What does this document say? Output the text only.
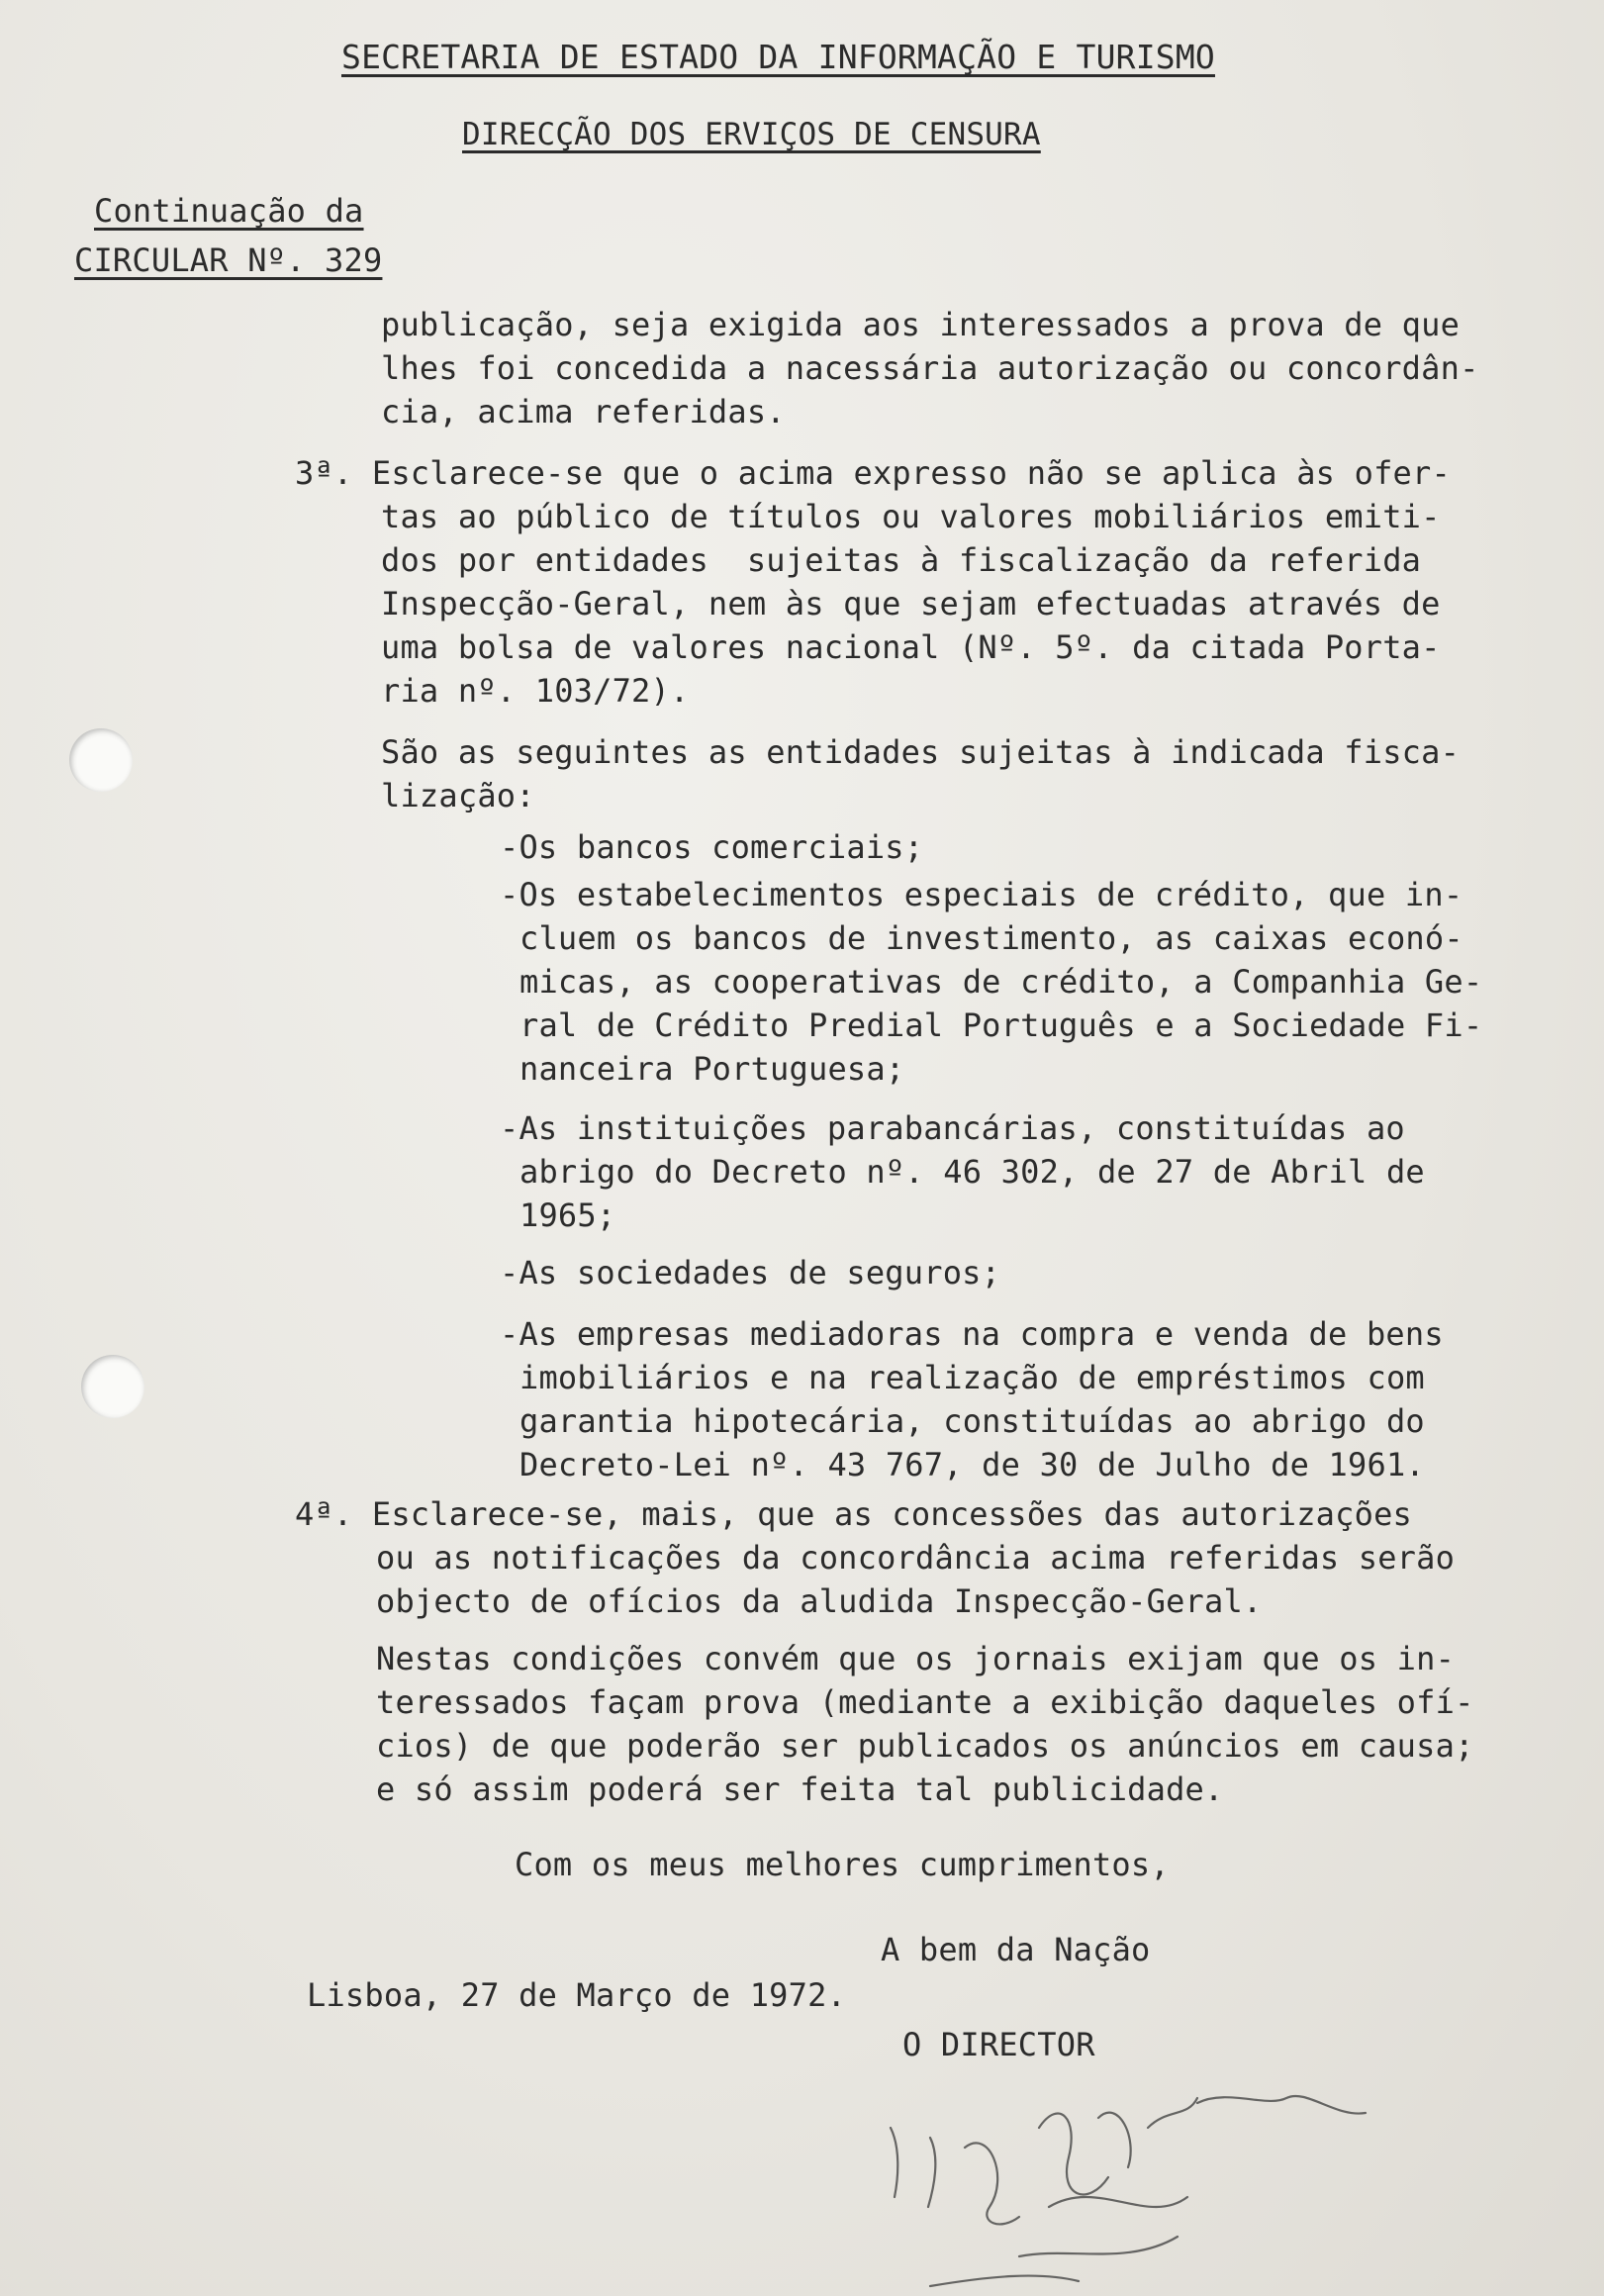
SECRETARIA DE ESTADO DA INFORMAÇÃO E TURISMO
DIRECÇÃO DOS ERVIÇOS DE CENSURA
Continuação da
CIRCULAR Nº. 329
publicação, seja exigida aos interessados a prova de que
lhes foi concedida a nacessária autorização ou concordân-
cia, acima referidas.
3ª. Esclarece-se que o acima expresso não se aplica às ofer-
tas ao público de títulos ou valores mobiliários emiti-
dos por entidades  sujeitas à fiscalização da referida
Inspecção-Geral, nem às que sejam efectuadas através de
uma bolsa de valores nacional (Nº. 5º. da citada Porta-
ria nº. 103/72).
São as seguintes as entidades sujeitas à indicada fisca-
lização:
-Os bancos comerciais;
-Os estabelecimentos especiais de crédito, que in-
cluem os bancos de investimento, as caixas econó-
micas, as cooperativas de crédito, a Companhia Ge-
ral de Crédito Predial Português e a Sociedade Fi-
nanceira Portuguesa;
-As instituições parabancárias, constituídas ao
abrigo do Decreto nº. 46 302, de 27 de Abril de
1965;
-As sociedades de seguros;
-As empresas mediadoras na compra e venda de bens
imobiliários e na realização de empréstimos com
garantia hipotecária, constituídas ao abrigo do
Decreto-Lei nº. 43 767, de 30 de Julho de 1961.
4ª. Esclarece-se, mais, que as concessões das autorizações
ou as notificações da concordância acima referidas serão
objecto de ofícios da aludida Inspecção-Geral.
Nestas condições convém que os jornais exijam que os in-
teressados façam prova (mediante a exibição daqueles ofí-
cios) de que poderão ser publicados os anúncios em causa;
e só assim poderá ser feita tal publicidade.
Com os meus melhores cumprimentos,
A bem da Nação
Lisboa, 27 de Março de 1972.
O DIRECTOR
